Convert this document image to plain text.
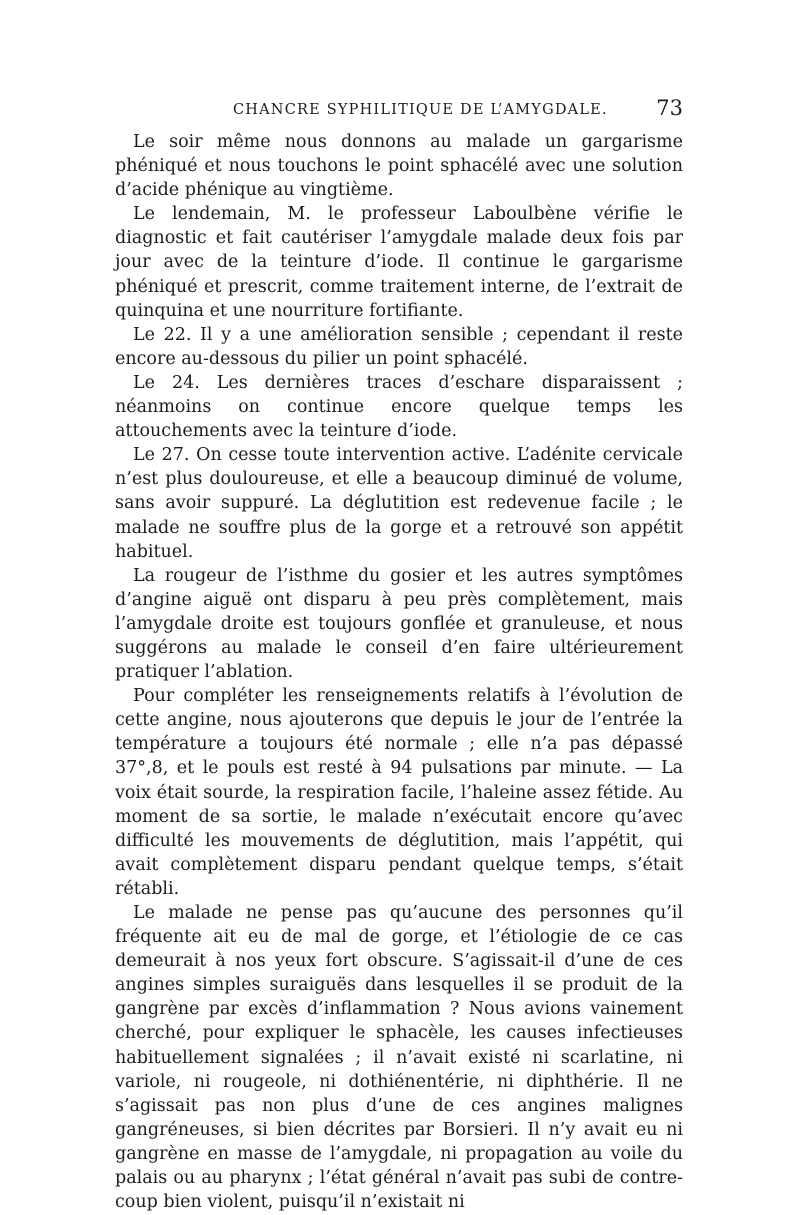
CHANCRE SYPHILITIQUE DE L’AMYGDALE. 73

Le soir même nous donnons au malade un gargarisme phéniqué et nous touchons le point sphacélé avec une solution d’acide phénique au vingtième.

Le lendemain, M. le professeur Laboulbène vérifie le diagnostic et fait cautériser l’amygdale malade deux fois par jour avec de la teinture d’iode. Il continue le gargarisme phéniqué et prescrit, comme traitement interne, de l’extrait de quinquina et une nourriture fortifiante.

Le 22. Il y a une amélioration sensible ; cependant il reste encore au-dessous du pilier un point sphacélé.

Le 24. Les dernières traces d’eschare disparaissent ; néanmoins on continue encore quelque temps les attouchements avec la teinture d’iode.

Le 27. On cesse toute intervention active. L’adénite cervicale n’est plus douloureuse, et elle a beaucoup diminué de volume, sans avoir suppuré. La déglutition est redevenue facile ; le malade ne souffre plus de la gorge et a retrouvé son appétit habituel.

La rougeur de l’isthme du gosier et les autres symptômes d’angine aiguë ont disparu à peu près complètement, mais l’amygdale droite est toujours gonflée et granuleuse, et nous suggérons au malade le conseil d’en faire ultérieurement pratiquer l’ablation.

Pour compléter les renseignements relatifs à l’évolution de cette angine, nous ajouterons que depuis le jour de l’entrée la température a toujours été normale ; elle n’a pas dépassé 37°,8, et le pouls est resté à 94 pulsations par minute. — La voix était sourde, la respiration facile, l’haleine assez fétide. Au moment de sa sortie, le malade n’exécutait encore qu’avec difficulté les mouvements de déglutition, mais l’appétit, qui avait complètement disparu pendant quelque temps, s’était rétabli.

Le malade ne pense pas qu’aucune des personnes qu’il fréquente ait eu de mal de gorge, et l’étiologie de ce cas demeurait à nos yeux fort obscure. S’agissait-il d’une de ces angines simples suraiguës dans lesquelles il se produit de la gangrène par excès d’inflammation ? Nous avions vainement cherché, pour expliquer le sphacèle, les causes infectieuses habituellement signalées ; il n’avait existé ni scarlatine, ni variole, ni rougeole, ni dothiénentérie, ni diphthérie. Il ne s’agissait pas non plus d’une de ces angines malignes gangréneuses, si bien décrites par Borsieri. Il n’y avait eu ni gangrène en masse de l’amygdale, ni propagation au voile du palais ou au pharynx ; l’état général n’avait pas subi de contre-coup bien violent, puisqu’il n’existait ni
